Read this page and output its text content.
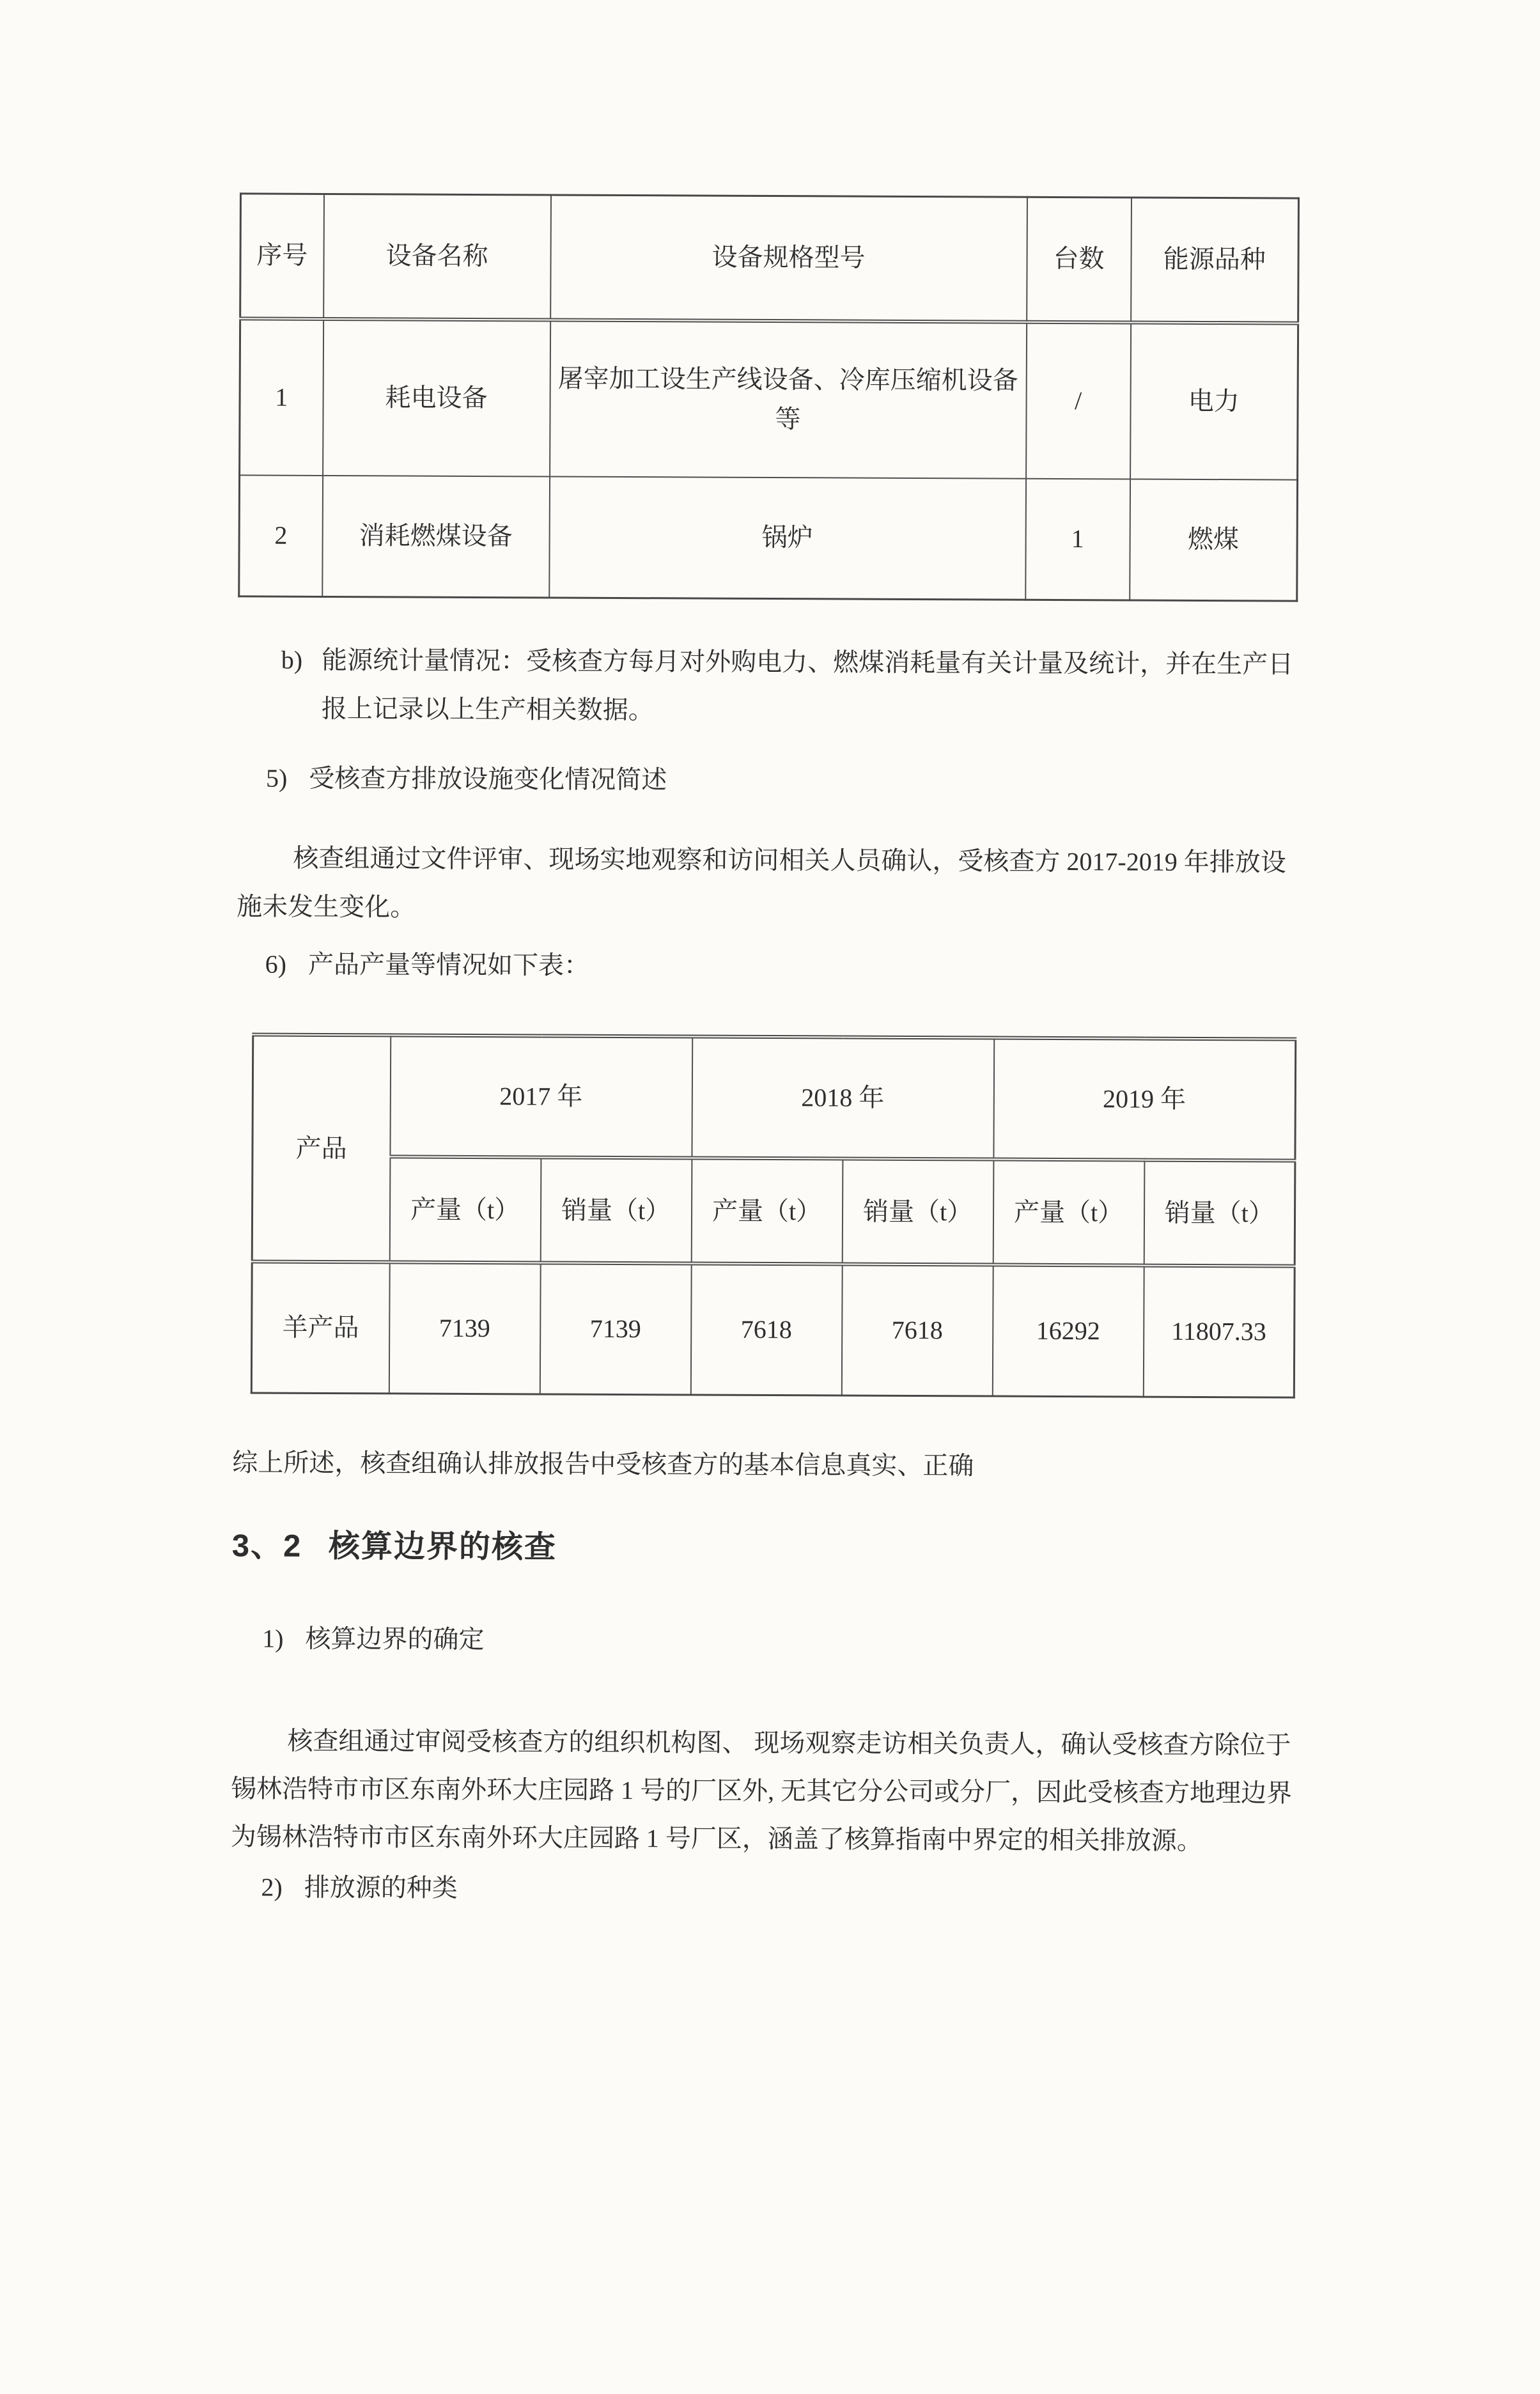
序号	设备名称	设备规格型号	台数	能源品种
1	耗电设备	屠宰加工设生产线设备、冷库压缩机设备等	/	电力
2	消耗燃煤设备	锅炉	1	燃煤
b) 能源统计量情况：受核查方每月对外购电力、燃煤消耗量有关计量及统计，并在生产日报上记录以上生产相关数据。
5) 受核查方排放设施变化情况简述

核查组通过文件评审、现场实地观察和访问相关人员确认，受核查方 2017-2019 年排放设施未发生变化。

6) 产品产量等情况如下表：
产品	2017 年		2018 年		2019 年	
	产量（t）	销量（t）	产量（t）	销量（t）	产量（t）	销量（t）
羊产品	7139	7139	7618	7618	16292	11807.33

综上所述，核查组确认排放报告中受核查方的基本信息真实、正确

3、2 核算边界的核查
1) 核算边界的确定

核查组通过审阅受核查方的组织机构图、 现场观察走访相关负责人，确认受核查方除位于锡林浩特市市区东南外环大庄园路 1 号的厂区外, 无其它分公司或分厂，因此受核查方地理边界为锡林浩特市市区东南外环大庄园路 1 号厂区，涵盖了核算指南中界定的相关排放源。

2) 排放源的种类
